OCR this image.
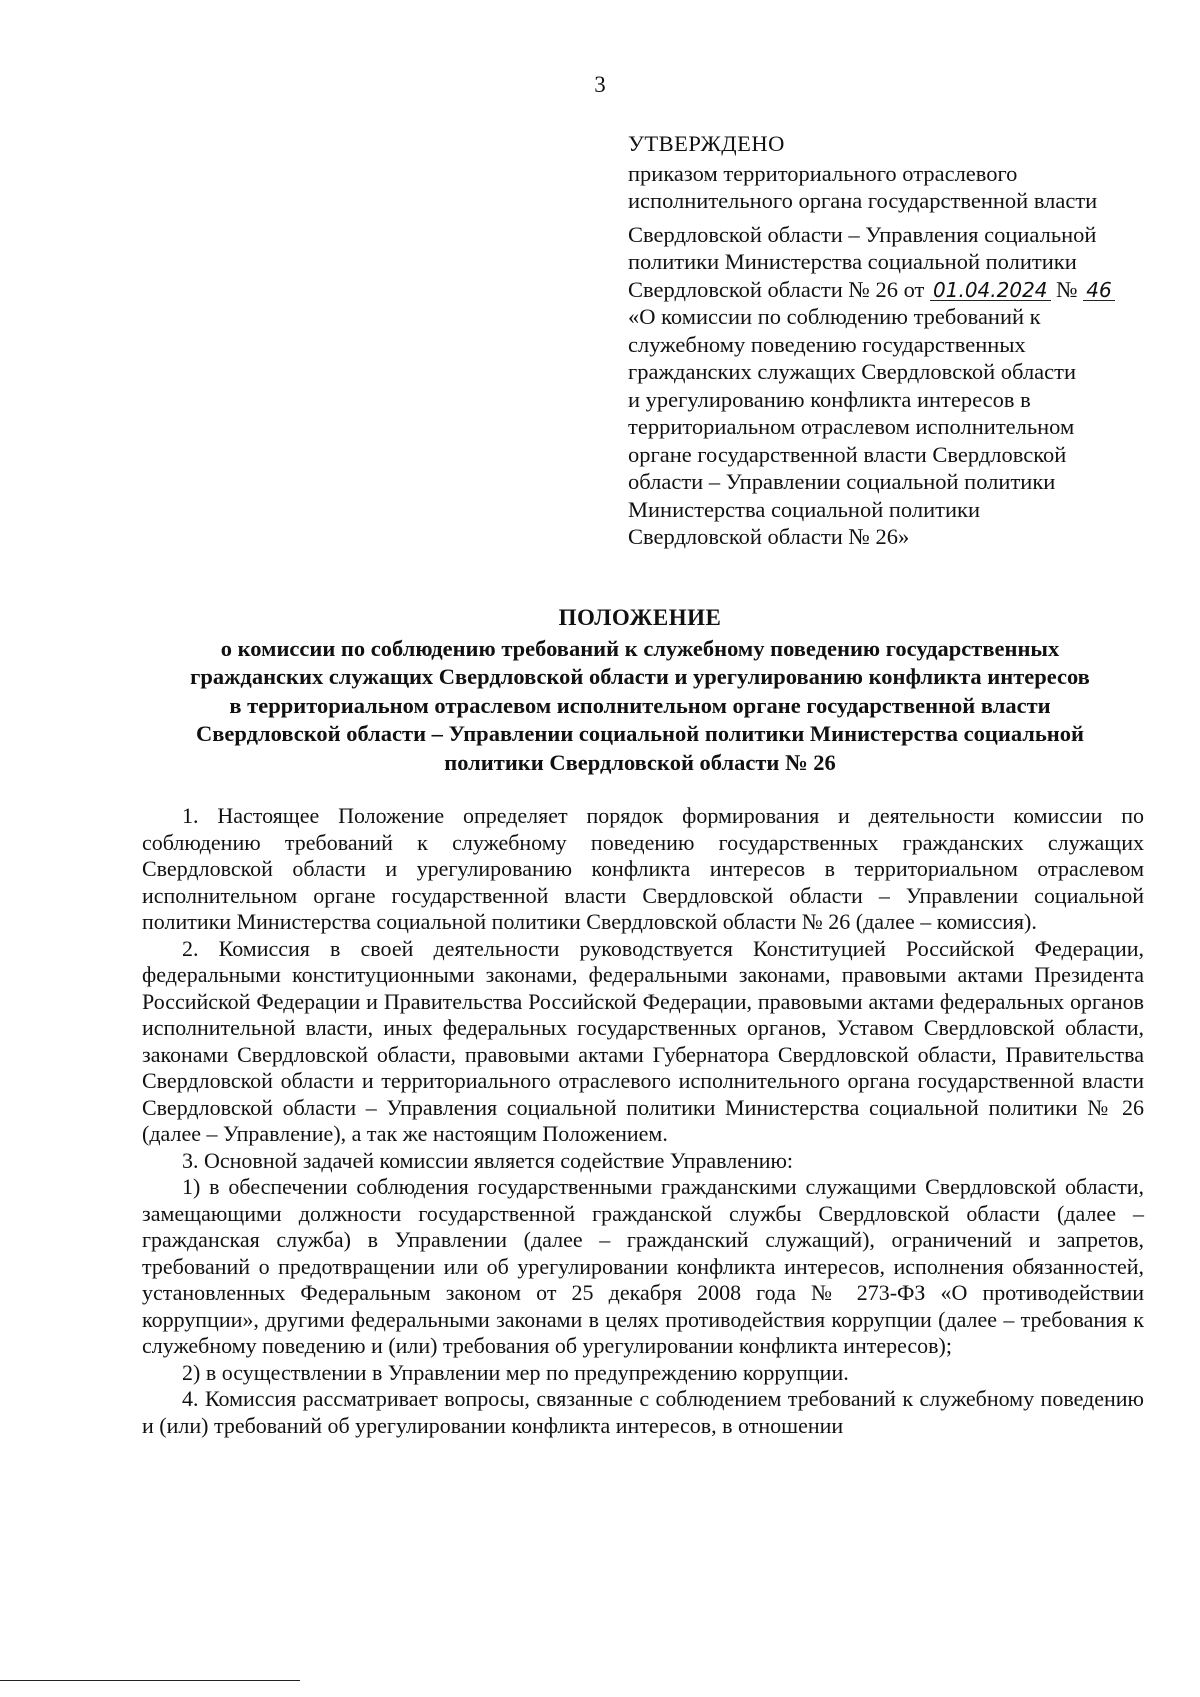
3
УТВЕРЖДЕНО
приказом территориального отраслевого
исполнительного органа государственной власти
Свердловской области – Управления социальной
политики Министерства социальной политики
Свердловской области № 26 от 01.04.2024 № 46
«О комиссии по соблюдению требований к
служебному поведению государственных
гражданских служащих Свердловской области
и урегулированию конфликта интересов в
территориальном отраслевом исполнительном
органе государственной власти Свердловской
области – Управлении социальной политики
Министерства социальной политики
Свердловской области № 26»
ПОЛОЖЕНИЕ
о комиссии по соблюдению требований к служебному поведению государственных
гражданских служащих Свердловской области и урегулированию конфликта интересов
в территориальном отраслевом исполнительном органе государственной власти
Свердловской области – Управлении социальной политики Министерства социальной
политики Свердловской области № 26

1. Настоящее Положение определяет порядок формирования и деятельности комиссии по соблюдению требований к служебному поведению государственных гражданских служащих Свердловской области и урегулированию конфликта интересов в территориальном отраслевом исполнительном органе государственной власти Свердловской области – Управлении социальной политики Министерства социальной политики Свердловской области № 26 (далее – комиссия).

2. Комиссия в своей деятельности руководствуется Конституцией Российской Федерации, федеральными конституционными законами, федеральными законами, правовыми актами Президента Российской Федерации и Правительства Российской Федерации, правовыми актами федеральных органов исполнительной власти, иных федеральных государственных органов, Уставом Свердловской области, законами Свердловской области, правовыми актами Губернатора Свердловской области, Правительства Свердловской области и территориального отраслевого исполнительного органа государственной власти Свердловской области – Управления социальной политики Министерства социальной политики № 26 (далее – Управление), а так же настоящим Положением.

3. Основной задачей комиссии является содействие Управлению:

1) в обеспечении соблюдения государственными гражданскими служащими Свердловской области, замещающими должности государственной гражданской службы Свердловской области (далее – гражданская служба) в Управлении (далее – гражданский служащий), ограничений и запретов, требований о предотвращении или об урегулировании конфликта интересов, исполнения обязанностей, установленных Федеральным законом от 25 декабря 2008 года № 273-ФЗ «О противодействии коррупции», другими федеральными законами в целях противодействия коррупции (далее – требования к служебному поведению и (или) требования об урегулировании конфликта интересов);

2) в осуществлении в Управлении мер по предупреждению коррупции.

4. Комиссия рассматривает вопросы, связанные с соблюдением требований к служебному поведению и (или) требований об урегулировании конфликта интересов, в отношении
